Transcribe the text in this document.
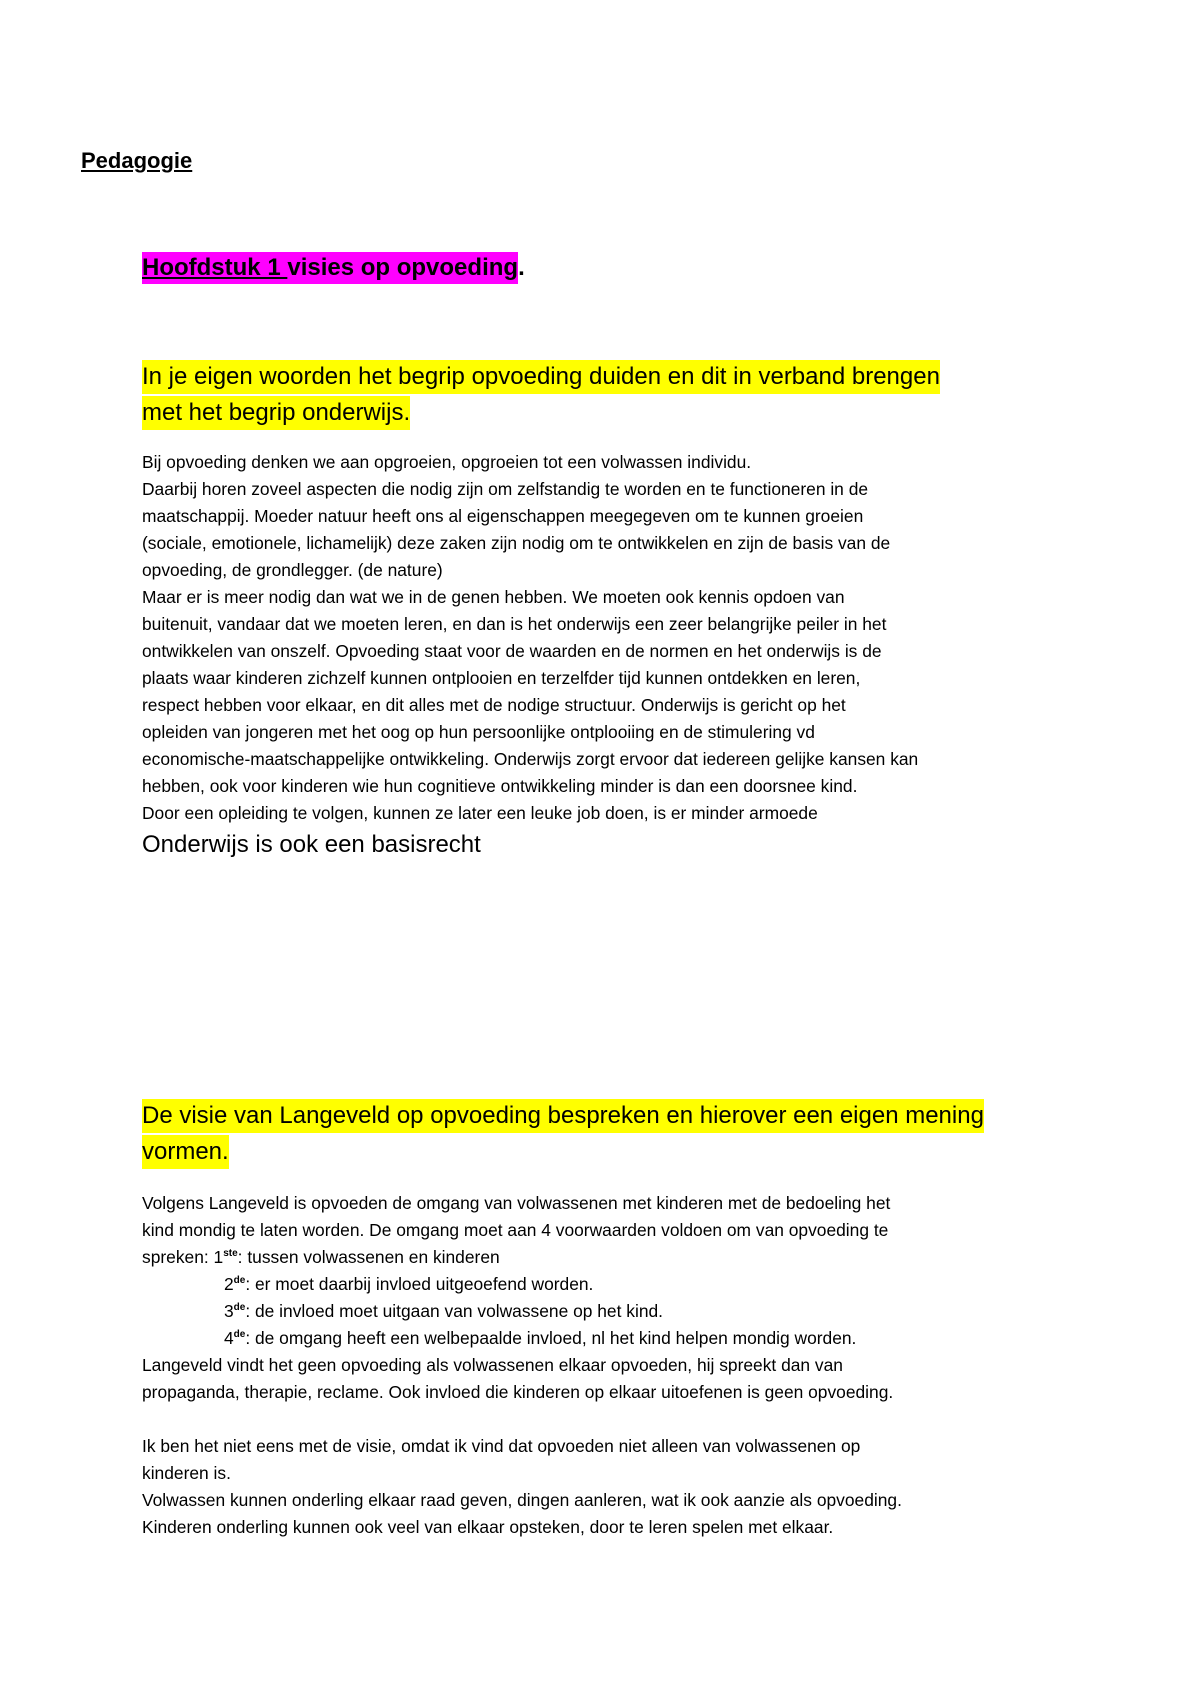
Pedagogie
Hoofdstuk 1 visies op opvoeding.
In je eigen woorden het begrip opvoeding duiden en dit in verband brengen
met het begrip onderwijs.

Bij opvoeding denken we aan opgroeien, opgroeien tot een volwassen individu.

Daarbij horen zoveel aspecten die nodig zijn om zelfstandig te worden en te functioneren in de

maatschappij. Moeder natuur heeft ons al eigenschappen meegegeven om te kunnen groeien

(sociale, emotionele, lichamelijk) deze zaken zijn nodig om te ontwikkelen en zijn de basis van de

opvoeding, de grondlegger. (de nature)

Maar er is meer nodig dan wat we in de genen hebben. We moeten ook kennis opdoen van

buitenuit, vandaar dat we moeten leren, en dan is het onderwijs een zeer belangrijke peiler in het

ontwikkelen van onszelf. Opvoeding staat voor de waarden en de normen en het onderwijs is de

plaats waar kinderen zichzelf kunnen ontplooien en terzelfder tijd kunnen ontdekken en leren,

respect hebben voor elkaar, en dit alles met de nodige structuur. Onderwijs is gericht op het

opleiden van jongeren met het oog op hun persoonlijke ontplooiing en de stimulering vd

economische-maatschappelijke ontwikkeling. Onderwijs zorgt ervoor dat iedereen gelijke kansen kan

hebben, ook voor kinderen wie hun cognitieve ontwikkeling minder is dan een doorsnee kind.

Door een opleiding te volgen, kunnen ze later een leuke job doen, is er minder armoede

Onderwijs is ook een basisrecht

De visie van Langeveld op opvoeding bespreken en hierover een eigen mening
vormen.

Volgens Langeveld is opvoeden de omgang van volwassenen met kinderen met de bedoeling het

kind mondig te laten worden. De omgang moet aan 4 voorwaarden voldoen om van opvoeding te

spreken: 1ste: tussen volwassenen en kinderen

2de: er moet daarbij invloed uitgeoefend worden.

3de: de invloed moet uitgaan van volwassene op het kind.

4de: de omgang heeft een welbepaalde invloed, nl het kind helpen mondig worden.

Langeveld vindt het geen opvoeding als volwassenen elkaar opvoeden, hij spreekt dan van

propaganda, therapie, reclame. Ook invloed die kinderen op elkaar uitoefenen is geen opvoeding.

Ik ben het niet eens met de visie, omdat ik vind dat opvoeden niet alleen van volwassenen op

kinderen is.

Volwassen kunnen onderling elkaar raad geven, dingen aanleren, wat ik ook aanzie als opvoeding.

Kinderen onderling kunnen ook veel van elkaar opsteken, door te leren spelen met elkaar.
